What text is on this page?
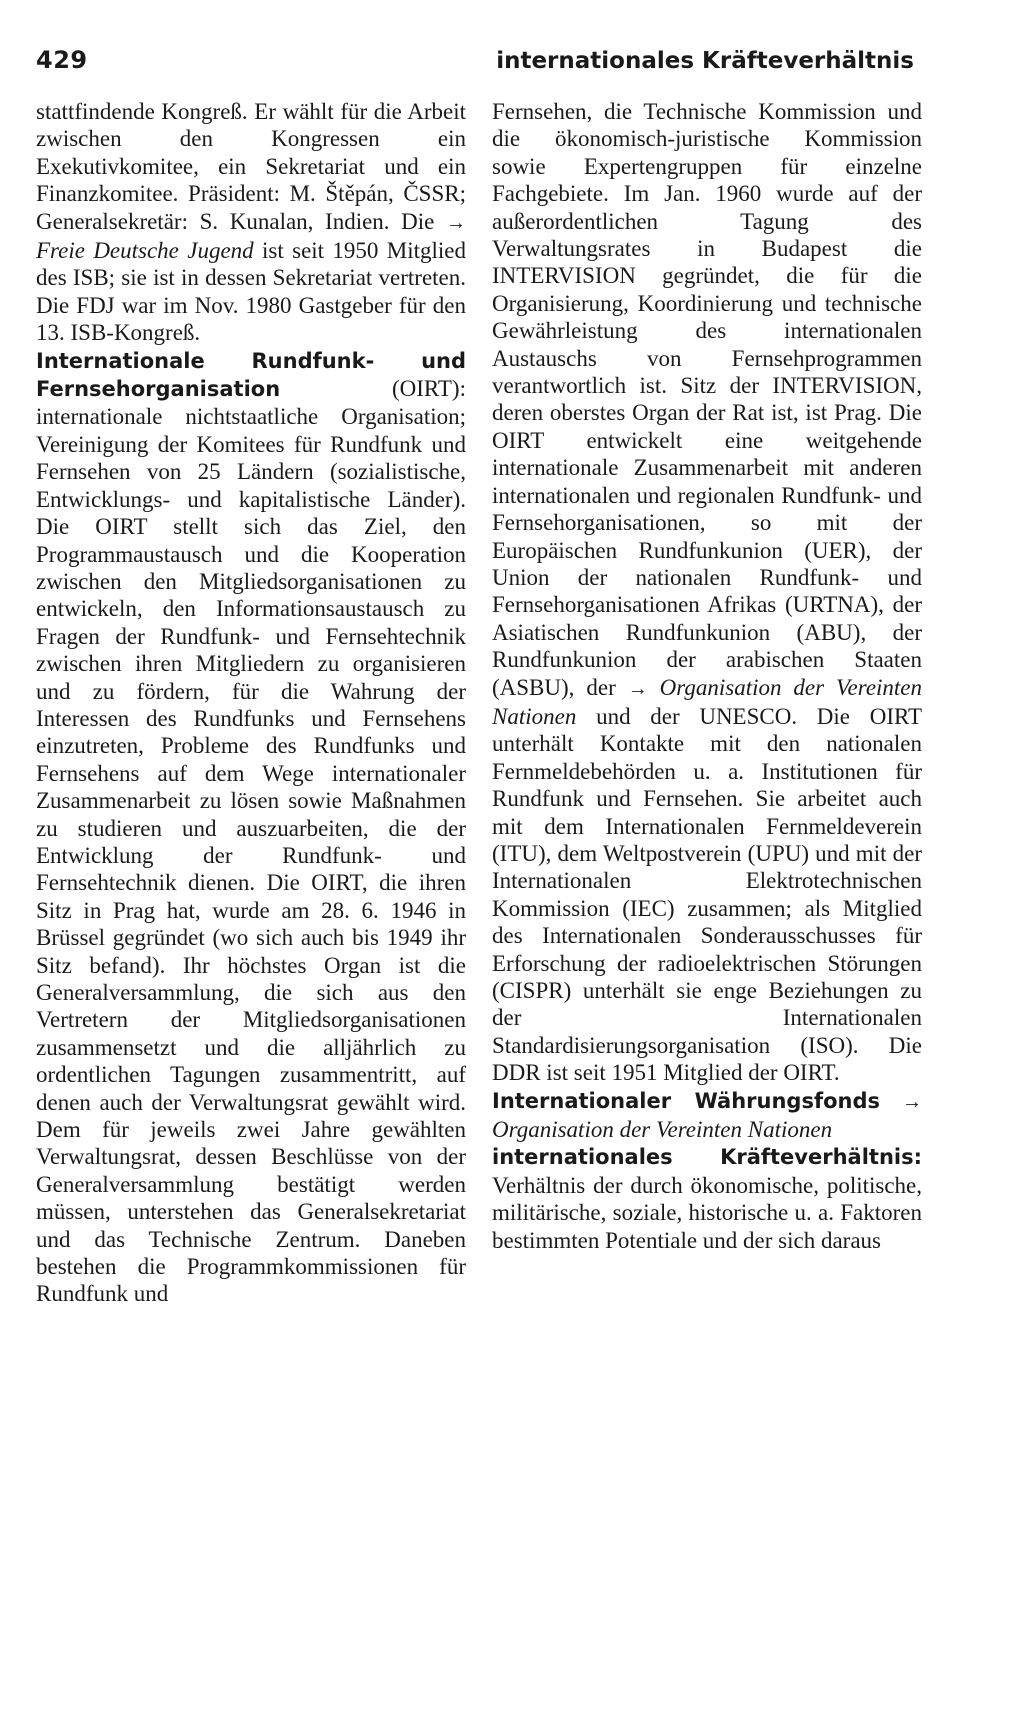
429	internationales Kräfteverhältnis

stattfindende Kongreß. Er wählt für die Arbeit zwischen den Kongressen ein Exekutivkomitee, ein Sekretariat und ein Finanzkomitee. Präsident: M. Štěpán, ČSSR; Generalsekretär: S. Kunalan, Indien. Die → Freie Deutsche Jugend ist seit 1950 Mitglied des ISB; sie ist in dessen Sekretariat vertreten. Die FDJ war im Nov. 1980 Gastgeber für den 13. ISB-Kongreß.

Internationale Rundfunk- und Fernsehorganisation	(OIRT): internationale nichtstaatliche Organisation; Vereinigung der Komitees für Rundfunk und Fernsehen von 25 Ländern (sozialistische, Entwicklungs- und kapitalistische Länder). Die OIRT stellt sich das Ziel, den Programmaustausch und die Kooperation zwischen den Mitgliedsorganisationen zu entwickeln, den Informationsaustausch zu Fragen der Rundfunk- und Fernsehtechnik zwischen ihren Mitgliedern zu organisieren und zu fördern, für die Wahrung der Interessen des Rundfunks und Fernsehens einzutreten, Probleme des Rundfunks und Fernsehens auf dem Wege internationaler Zusammenarbeit zu lösen sowie Maßnahmen zu studieren und auszuarbeiten, die der Entwicklung der Rundfunk- und Fernsehtechnik dienen. Die OIRT, die ihren Sitz in Prag hat, wurde am 28. 6. 1946 in Brüssel gegründet (wo sich auch bis 1949 ihr Sitz befand). Ihr höchstes Organ ist die Generalversammlung, die sich aus den Vertretern der Mitgliedsorganisationen zusammensetzt und die alljährlich zu ordentlichen Tagungen zusammentritt, auf denen auch der Verwaltungsrat gewählt wird. Dem für jeweils zwei Jahre gewählten Verwaltungsrat, dessen Beschlüsse von der Generalversammlung bestätigt werden müssen, unterstehen das Generalsekretariat und das Technische Zentrum. Daneben bestehen die Programmkommissionen für Rundfunk und

Fernsehen, die Technische Kommission und die ökonomisch-juristische Kommission sowie Expertengruppen für einzelne Fachgebiete. Im Jan. 1960 wurde auf der außerordentlichen Tagung des Verwaltungsrates in Budapest die INTERVISION gegründet, die für die Organisierung, Koordinierung und technische Gewährleistung des internationalen Austauschs von Fernsehprogrammen verantwortlich ist. Sitz der INTERVISION, deren oberstes Organ der Rat ist, ist Prag. Die OIRT entwickelt eine weitgehende internationale Zusammenarbeit mit anderen internationalen und regionalen Rundfunk- und Fernsehorganisationen, so mit der Europäischen Rundfunkunion (UER), der Union der nationalen Rundfunk- und Fernsehorganisationen Afrikas (URTNA), der Asiatischen Rundfunkunion (ABU), der Rundfunkunion der arabischen Staaten (ASBU), der → Organisation der Vereinten Nationen und der UNESCO. Die OIRT unterhält Kontakte mit den nationalen Fernmeldebehörden u. a. Institutionen für Rundfunk und Fernsehen. Sie arbeitet auch mit dem Internationalen Fernmeldeverein (ITU), dem Weltpostverein (UPU) und mit der Internationalen Elektrotechnischen Kommission (IEC) zusammen; als Mitglied des Internationalen Sonderausschusses für Erforschung der radioelektrischen Störungen (CISPR) unterhält sie enge Beziehungen zu der Internationalen Standardisierungsorganisation (ISO). Die DDR ist seit 1951 Mitglied der OIRT.

Internationaler Währungsfonds → Organisation der Vereinten Nationen

internationales Kräfteverhältnis: Verhältnis der durch ökonomische, politische, militärische, soziale, historische u. a. Faktoren bestimmten Potentiale und der sich daraus
